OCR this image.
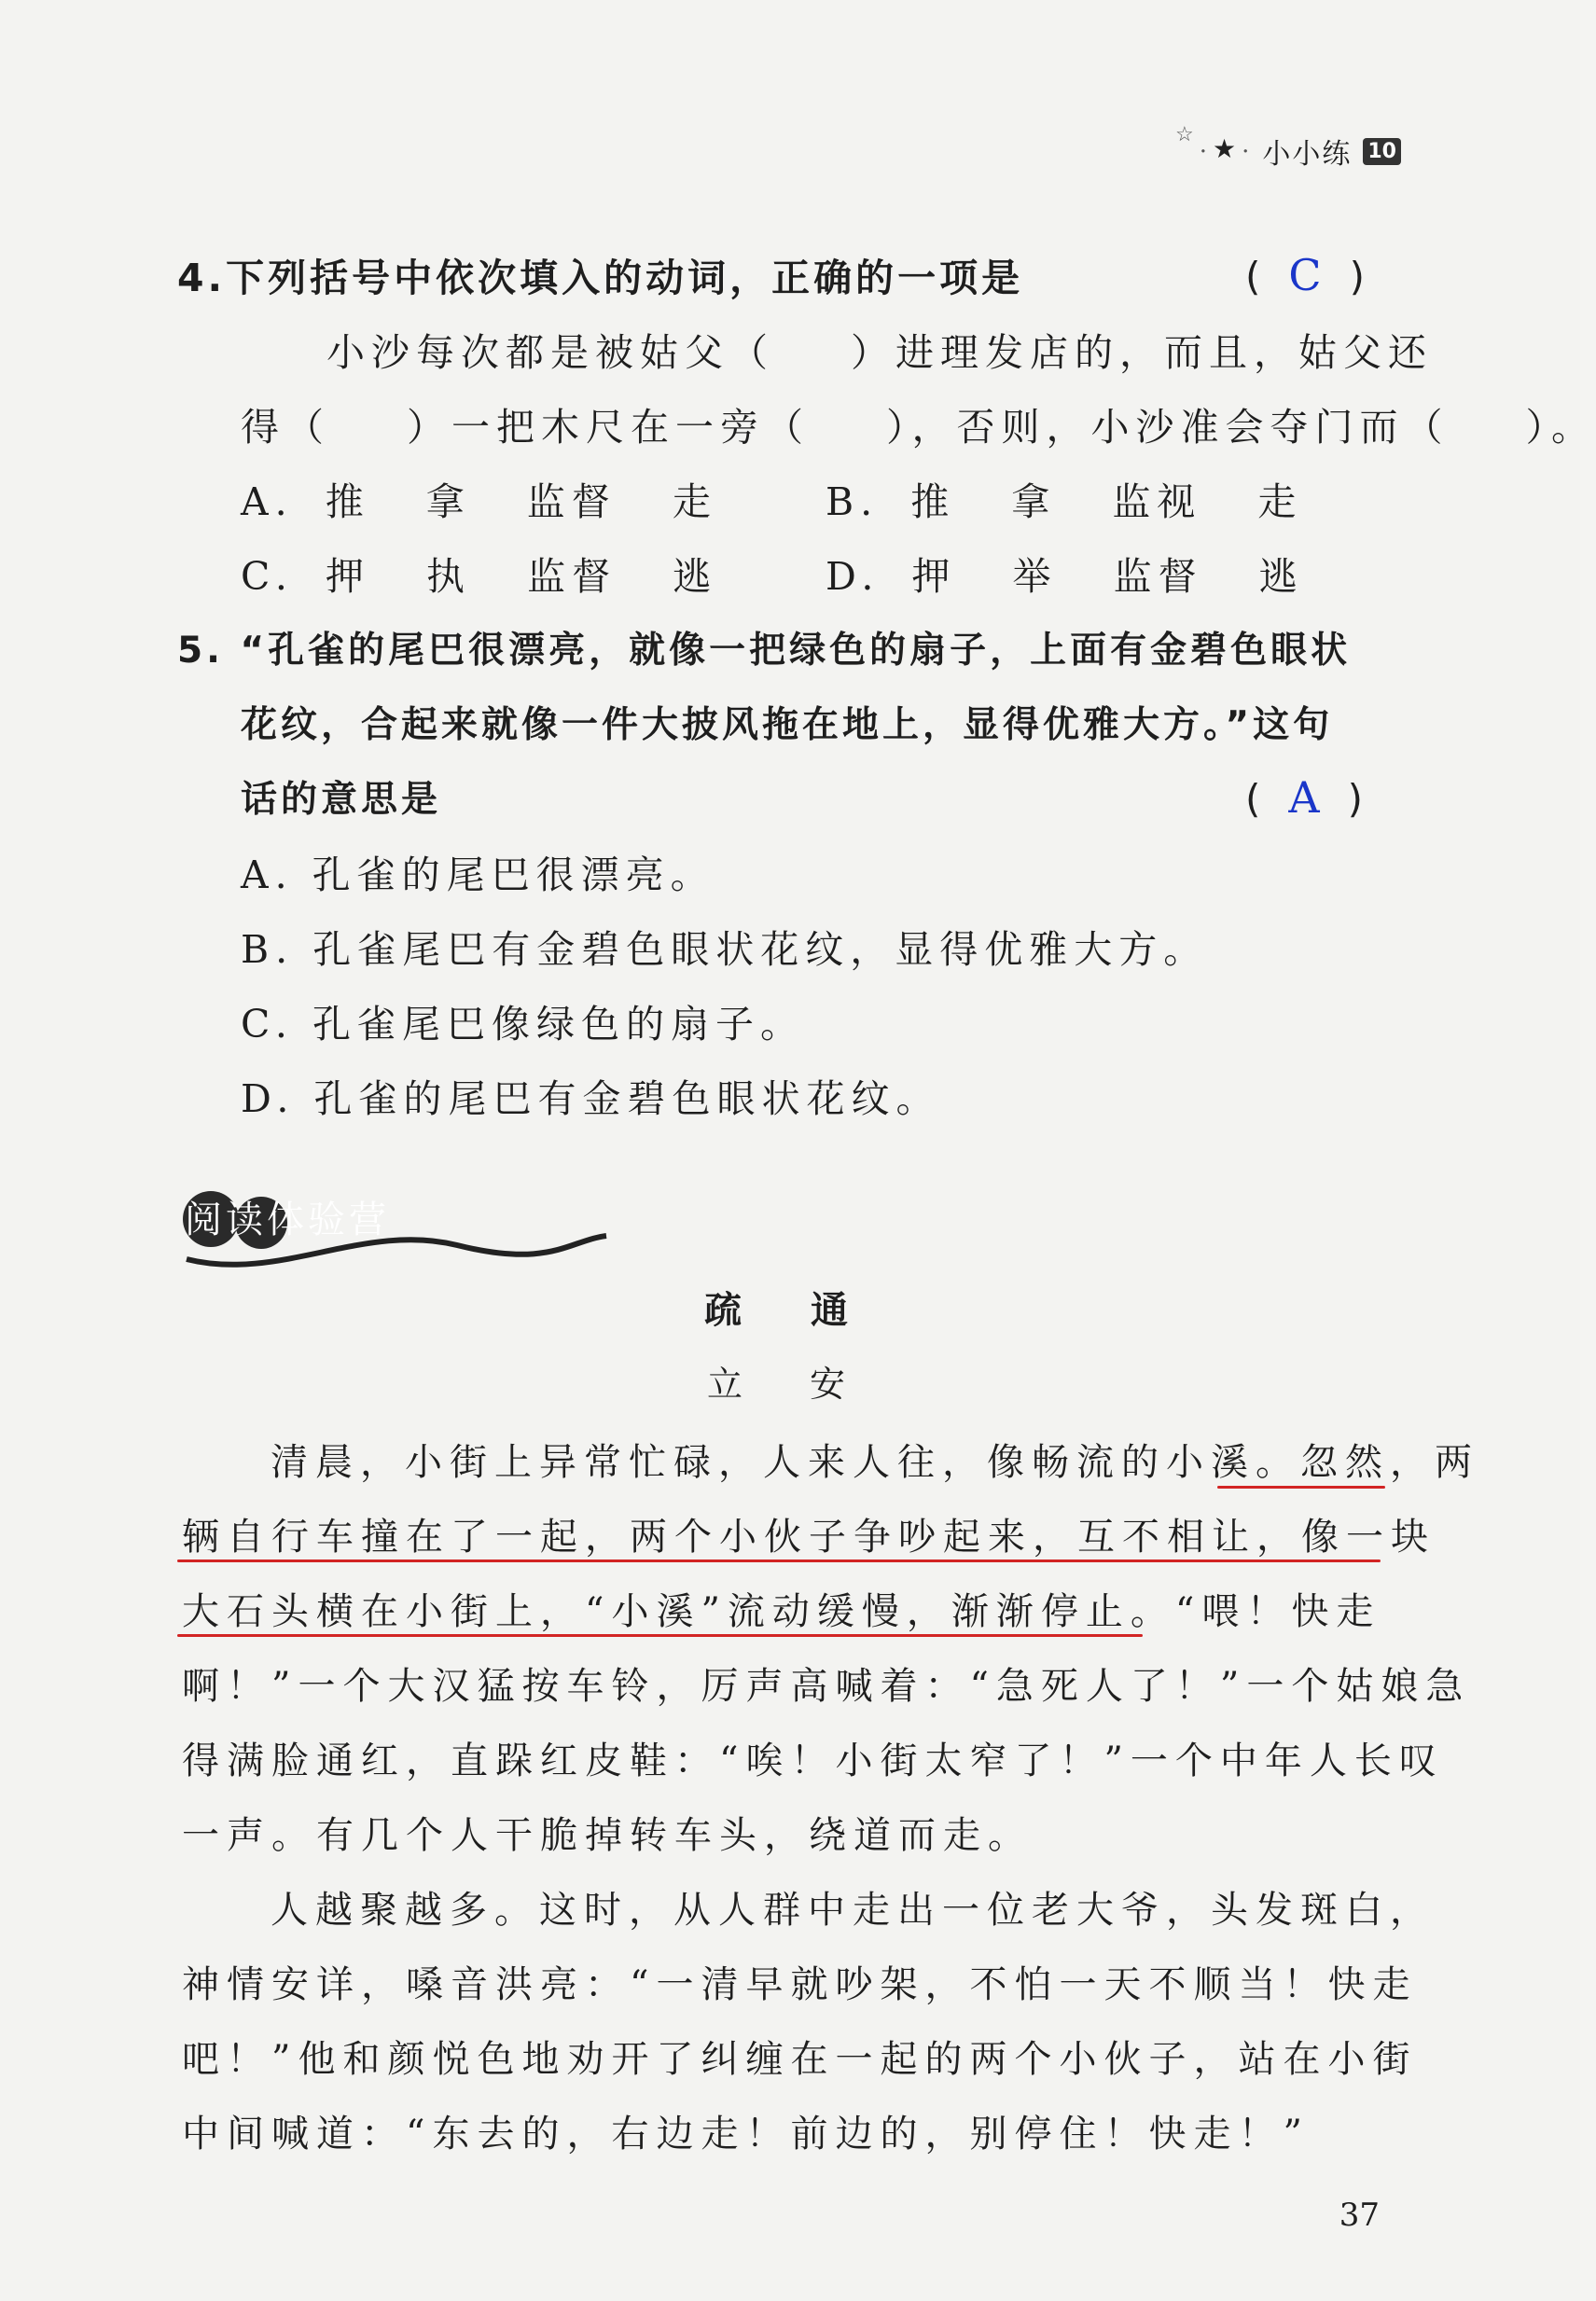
☆·★· 小小练 10
4.下列括号中依次填入的动词，正确的一项是	( C )
小沙每次都是被姑父（ ）进理发店的，而且，姑父还
得（ ）一把木尺在一旁（ ），否则，小沙准会夺门而（ ）。
A. 推 拿 监督 走	B. 推 拿 监视 走
C. 押 执 监督 逃	D. 押 举 监督 逃
5. “孔雀的尾巴很漂亮，就像一把绿色的扇子，上面有金碧色眼状
花纹，合起来就像一件大披风拖在地上，显得优雅大方。”这句
话的意思是	( A )
A. 孔雀的尾巴很漂亮。
B. 孔雀尾巴有金碧色眼状花纹，显得优雅大方。
C. 孔雀尾巴像绿色的扇子。
D. 孔雀的尾巴有金碧色眼状花纹。
阅读体验营
疏 通
立 安
清晨，小街上异常忙碌，人来人往，像畅流的小溪。忽然，两
辆自行车撞在了一起，两个小伙子争吵起来，互不相让，像一块
大石头横在小街上，“小溪”流动缓慢，渐渐停止。“喂！快走
啊！”一个大汉猛按车铃，厉声高喊着：“急死人了！”一个姑娘急
得满脸通红，直跺红皮鞋：“唉！小街太窄了！”一个中年人长叹
一声。有几个人干脆掉转车头，绕道而走。
人越聚越多。这时，从人群中走出一位老大爷，头发斑白，
神情安详，嗓音洪亮：“一清早就吵架，不怕一天不顺当！快走
吧！”他和颜悦色地劝开了纠缠在一起的两个小伙子，站在小街
中间喊道：“东去的，右边走！前边的，别停住！快走！”
37
